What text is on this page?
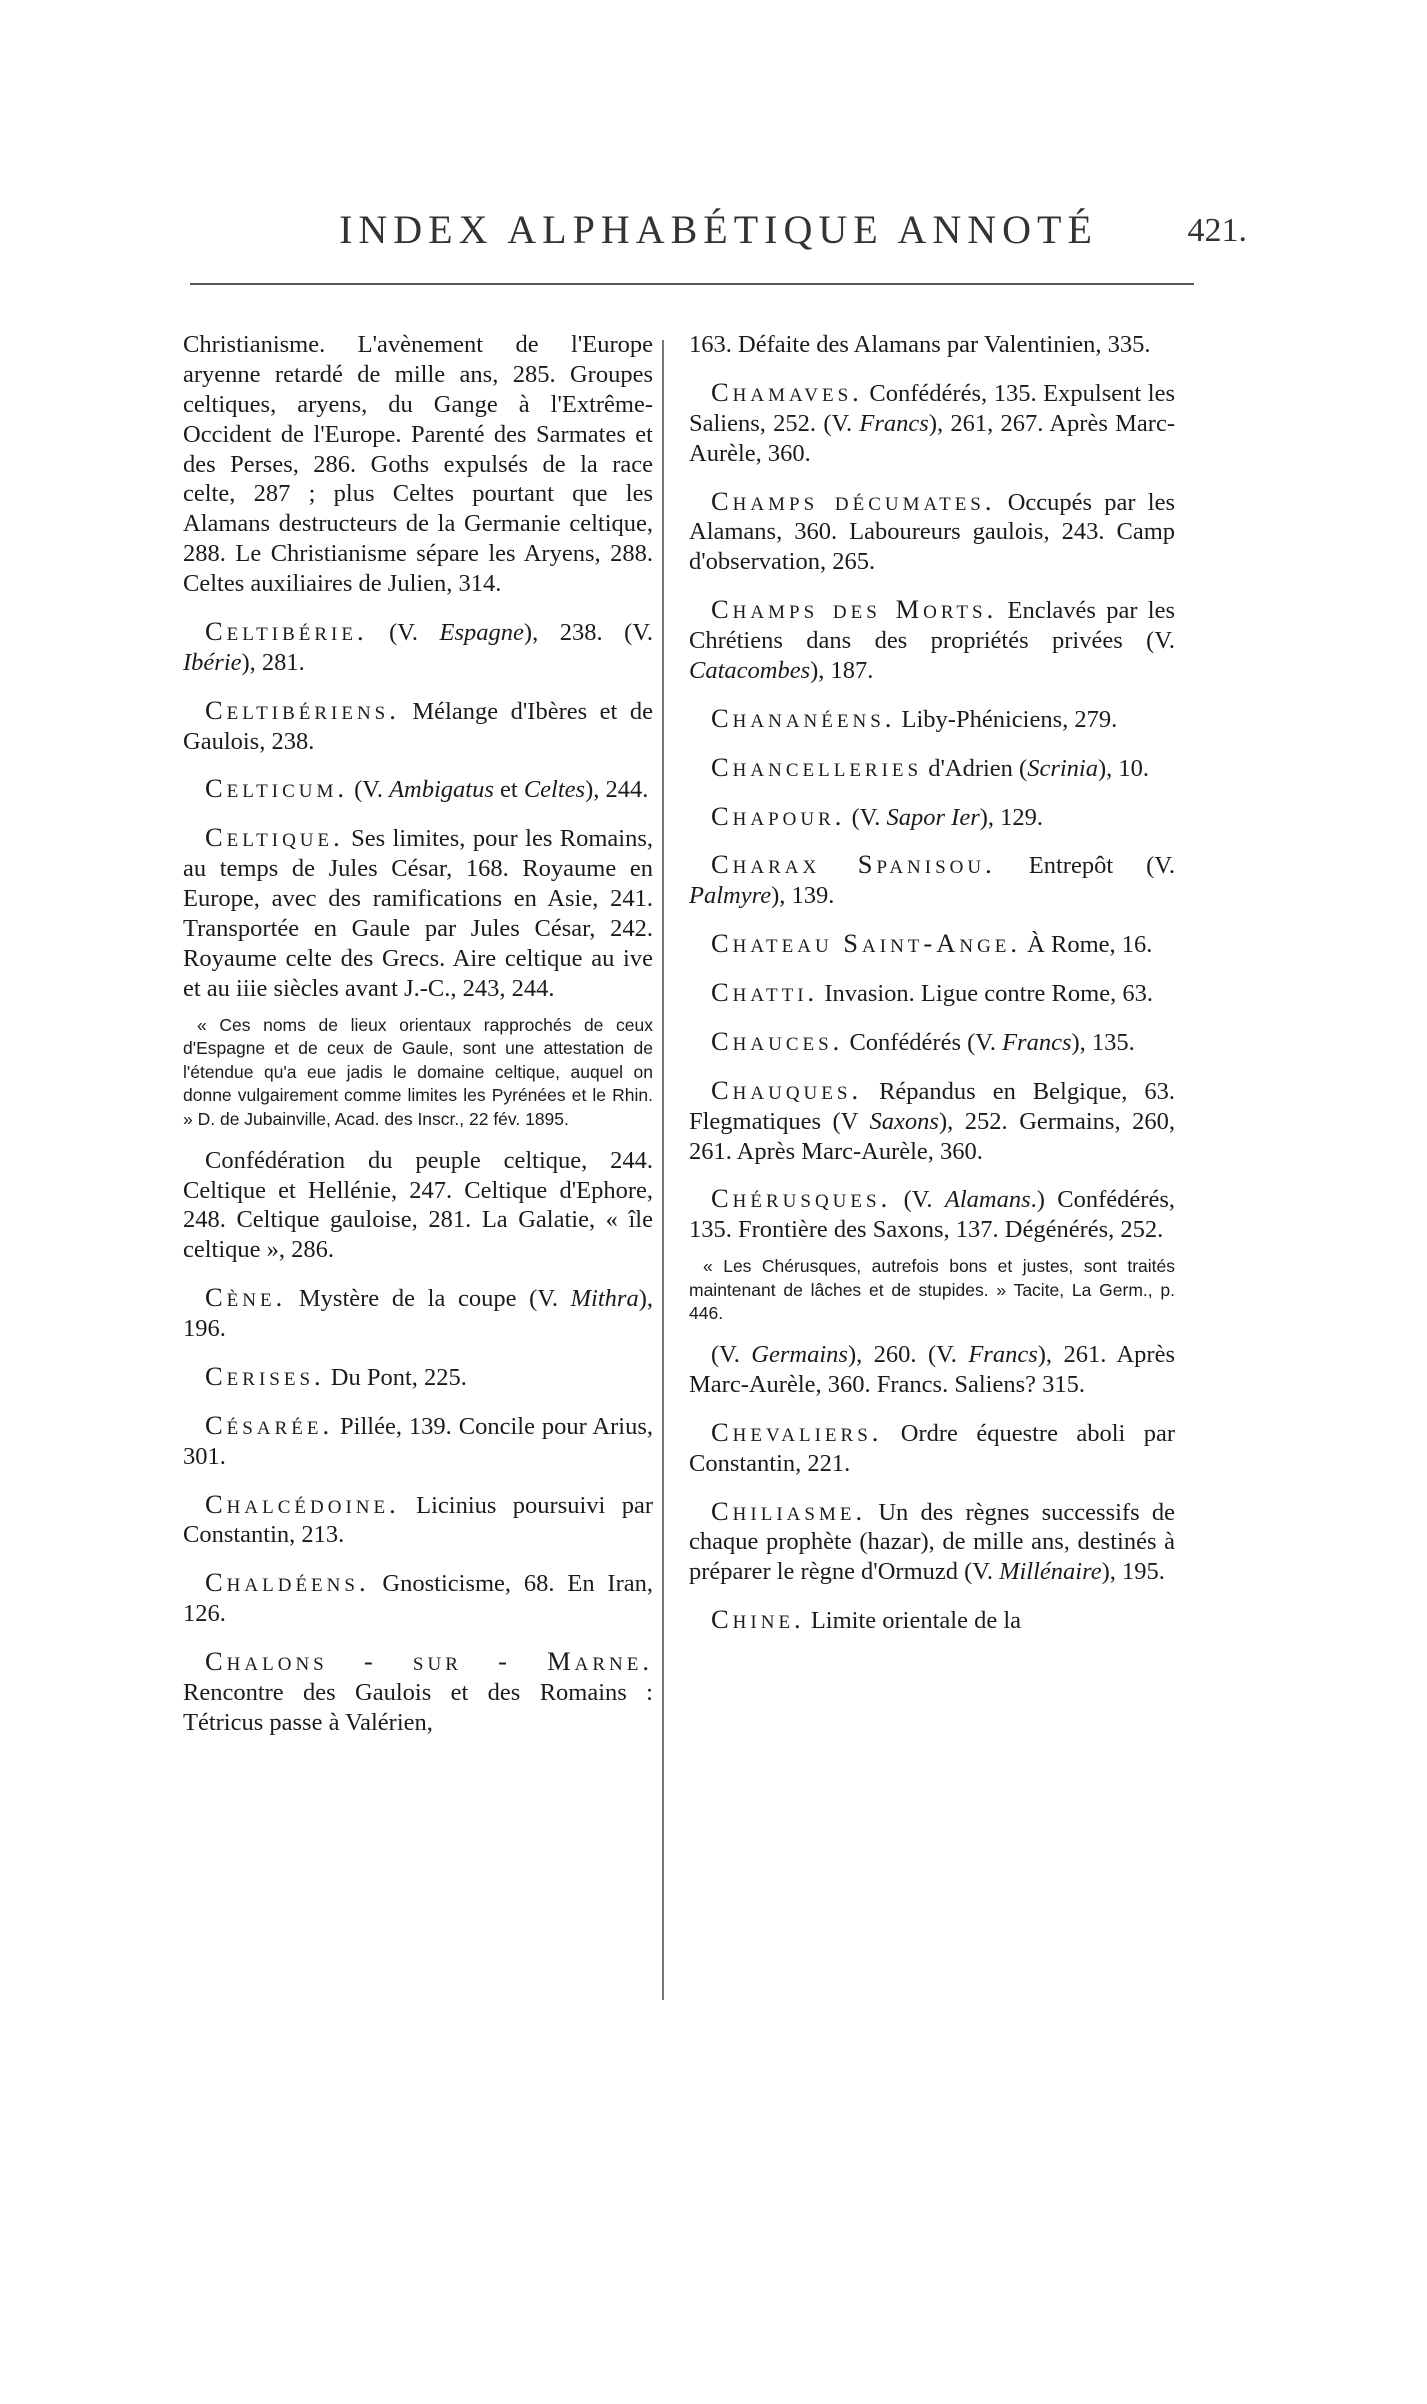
INDEX ALPHABÉTIQUE ANNOTÉ	421.

Christianisme. L'avènement de l'Europe aryenne retardé de mille ans, 285. Groupes celtiques, aryens, du Gange à l'Extrême-Occident de l'Europe. Parenté des Sarmates et des Perses, 286. Goths expulsés de la race celte, 287 ; plus Celtes pourtant que les Alamans destructeurs de la Germanie celtique, 288. Le Christianisme sépare les Aryens, 288. Celtes auxiliaires de Julien, 314.

Celtibérie. (V. Espagne), 238. (V. Ibérie), 281.

Celtibériens. Mélange d'Ibères et de Gaulois, 238.

Celticum. (V. Ambigatus et Celtes), 244.

Celtique. Ses limites, pour les Romains, au temps de Jules César, 168. Royaume en Europe, avec des ramifications en Asie, 241. Transportée en Gaule par Jules César, 242. Royaume celte des Grecs. Aire celtique au ive et au iiie siècles avant J.-C., 243, 244.

« Ces noms de lieux orientaux rapprochés de ceux d'Espagne et de ceux de Gaule, sont une attestation de l'étendue qu'a eue jadis le domaine celtique, auquel on donne vulgairement comme limites les Pyrénées et le Rhin. » D. de Jubainville, Acad. des Inscr., 22 fév. 1895.

Confédération du peuple celtique, 244. Celtique et Hellénie, 247. Celtique d'Ephore, 248. Celtique gauloise, 281. La Galatie, « île celtique », 286.

Cène. Mystère de la coupe (V. Mithra), 196.

Cerises. Du Pont, 225.

Césarée. Pillée, 139. Concile pour Arius, 301.

Chalcédoine. Licinius poursuivi par Constantin, 213.

Chaldéens. Gnosticisme, 68. En Iran, 126.

Chalons - sur - Marne. Rencontre des Gaulois et des Romains : Tétricus passe à Valérien,

163. Défaite des Alamans par Valentinien, 335.

Chamaves. Confédérés, 135. Expulsent les Saliens, 252. (V. Francs), 261, 267. Après Marc-Aurèle, 360.

Champs décumates. Occupés par les Alamans, 360. Laboureurs gaulois, 243. Camp d'observation, 265.

Champs des Morts. Enclavés par les Chrétiens dans des propriétés privées (V. Catacombes), 187.

Chananéens. Liby-Phéniciens, 279.

Chancelleries d'Adrien (Scrinia), 10.

Chapour. (V. Sapor Ier), 129.

Charax Spanisou. Entrepôt (V. Palmyre), 139.

Chateau Saint-Ange. À Rome, 16.

Chatti. Invasion. Ligue contre Rome, 63.

Chauces. Confédérés (V. Francs), 135.

Chauques. Répandus en Belgique, 63. Flegmatiques (V Saxons), 252. Germains, 260, 261. Après Marc-Aurèle, 360.

Chérusques. (V. Alamans.) Confédérés, 135. Frontière des Saxons, 137. Dégénérés, 252.

« Les Chérusques, autrefois bons et justes, sont traités maintenant de lâches et de stupides. » Tacite, La Germ., p. 446.

(V. Germains), 260. (V. Francs), 261. Après Marc-Aurèle, 360. Francs. Saliens? 315.

Chevaliers. Ordre équestre aboli par Constantin, 221.

Chiliasme. Un des règnes successifs de chaque prophète (hazar), de mille ans, destinés à préparer le règne d'Ormuzd (V. Millénaire), 195.

Chine. Limite orientale de la
